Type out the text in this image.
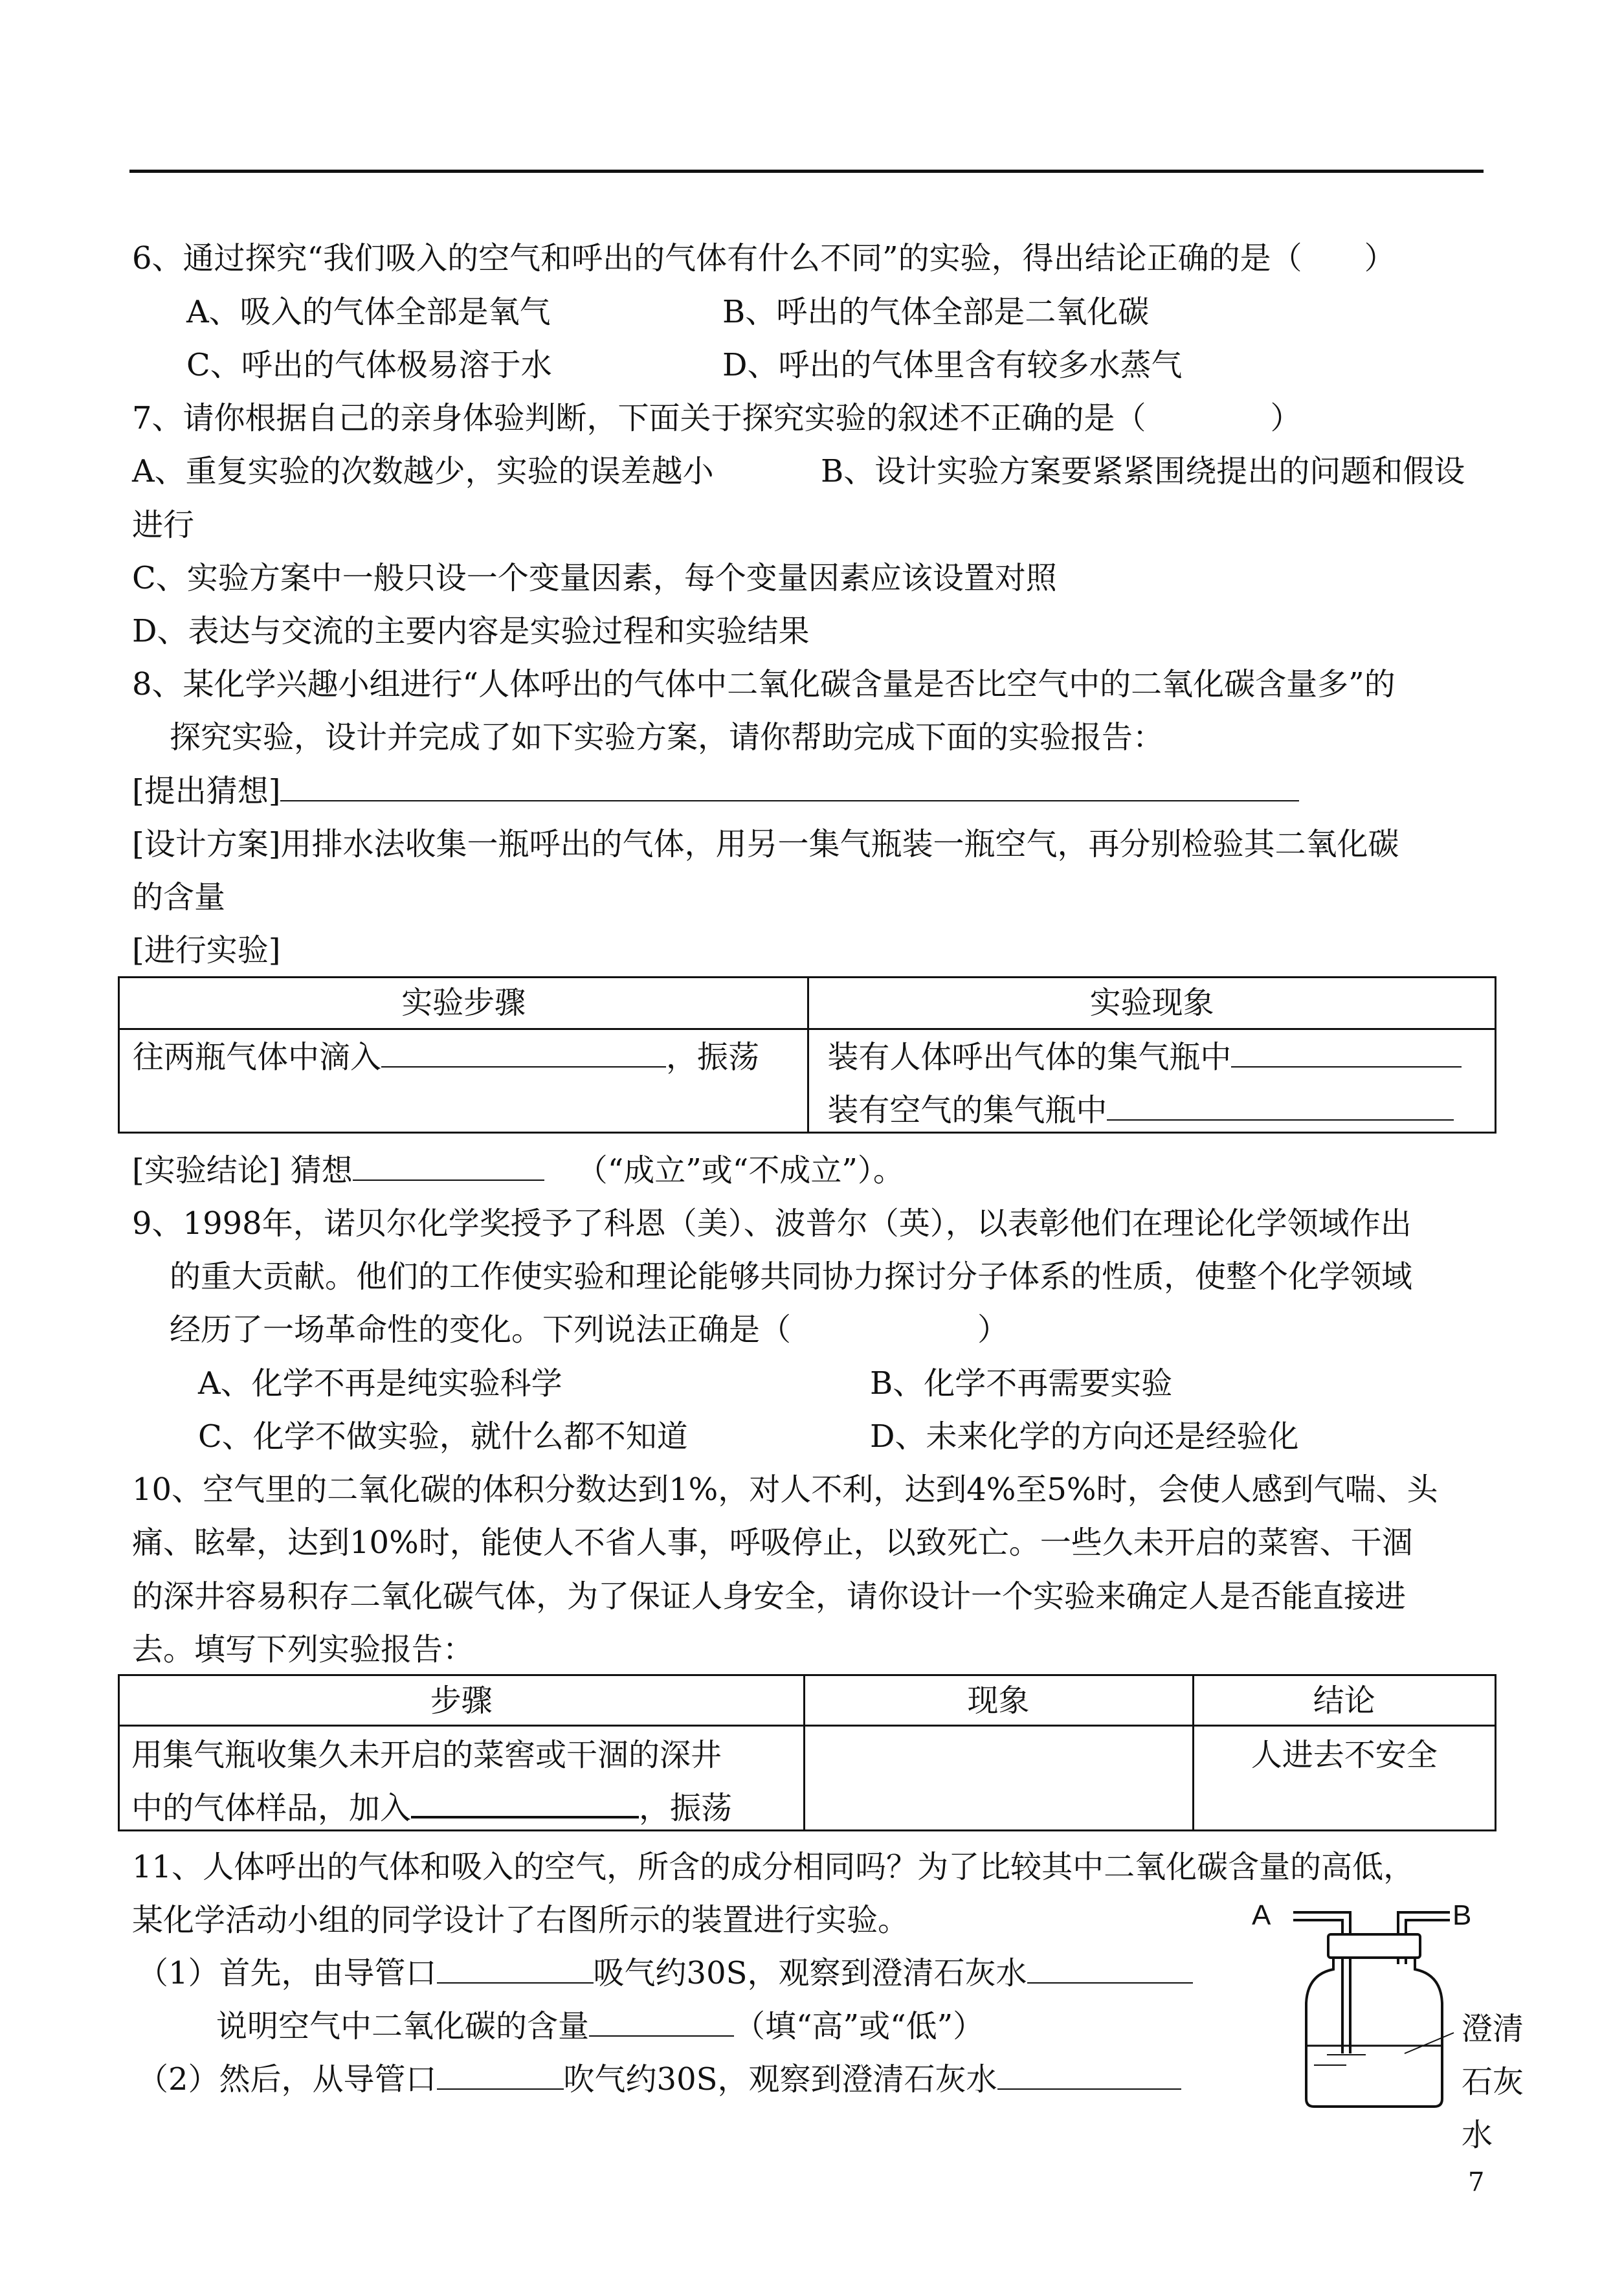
6、通过探究“我们吸入的空气和呼出的气体有什么不同”的实验，得出结论正确的是（　　）
A、吸入的气体全部是氧气	B、呼出的气体全部是二氧化碳
C、呼出的气体极易溶于水	D、呼出的气体里含有较多水蒸气
7、请你根据自己的亲身体验判断，下面关于探究实验的叙述不正确的是（　　　　）
A、重复实验的次数越少，实验的误差越小	B、设计实验方案要紧紧围绕提出的问题和假设
进行
C、实验方案中一般只设一个变量因素，每个变量因素应该设置对照
D、表达与交流的主要内容是实验过程和实验结果
8、某化学兴趣小组进行“人体呼出的气体中二氧化碳含量是否比空气中的二氧化碳含量多”的
探究实验，设计并完成了如下实验方案，请你帮助完成下面的实验报告：
[提出猜想]
[设计方案]用排水法收集一瓶呼出的气体，用另一集气瓶装一瓶空气，再分别检验其二氧化碳
的含量
[进行实验]
实验步骤	实验现象
往两瓶气体中滴入 ，振荡	装有人体呼出气体的集气瓶中
装有空气的集气瓶中
[实验结论] 猜想	（“成立”或“不成立”）。
9、1998年，诺贝尔化学奖授予了科恩（美）、波普尔（英），以表彰他们在理论化学领域作出
的重大贡献。他们的工作使实验和理论能够共同协力探讨分子体系的性质，使整个化学领域
经历了一场革命性的变化。下列说法正确是（　　　　　　）
A、化学不再是纯实验科学	B、化学不再需要实验
C、化学不做实验，就什么都不知道	D、未来化学的方向还是经验化
10、空气里的二氧化碳的体积分数达到1%，对人不利，达到4%至5%时，会使人感到气喘、头
痛、眩晕，达到10%时，能使人不省人事，呼吸停止，以致死亡。一些久未开启的菜窖、干涸
的深井容易积存二氧化碳气体，为了保证人身安全，请你设计一个实验来确定人是否能直接进
去。填写下列实验报告：
步骤	现象	结论

用集气瓶收集久未开启的菜窖或干涸的深井
中的气体样品，加入 ，振荡		人进去不安全
11、人体呼出的气体和吸入的空气，所含的成分相同吗？为了比较其中二氧化碳含量的高低，
某化学活动小组的同学设计了右图所示的装置进行实验。
（1）首先，由导管口	吸气约30S，观察到澄清石灰水
说明空气中二氧化碳的含量	（填“高”或“低”）
（2）然后，从导管口	吹气约30S，观察到澄清石灰水
A	B
澄清
石灰
水
7
